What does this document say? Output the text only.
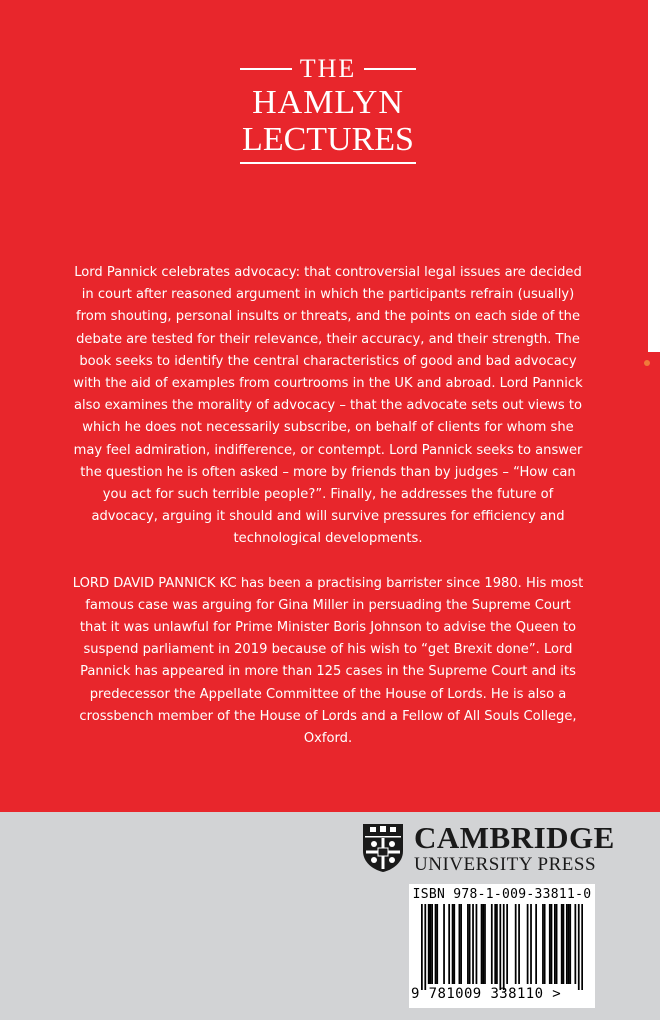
THE
HAMLYN
LECTURES

Lord Pannick celebrates advocacy: that controversial legal issues are decided in court after reasoned argument in which the participants refrain (usually) from shouting, personal insults or threats, and the points on each side of the debate are tested for their relevance, their accuracy, and their strength. The book seeks to identify the central characteristics of good and bad advocacy with the aid of examples from courtrooms in the UK and abroad. Lord Pannick also examines the morality of advocacy – that the advocate sets out views to which he does not necessarily subscribe, on behalf of clients for whom she may feel admiration, indifference, or contempt. Lord Pannick seeks to answer the question he is often asked – more by friends than by judges – “How can you act for such terrible people?”. Finally, he addresses the future of advocacy, arguing it should and will survive pressures for efficiency and technological developments.

LORD DAVID PANNICK KC has been a practising barrister since 1980. His most famous case was arguing for Gina Miller in persuading the Supreme Court that it was unlawful for Prime Minister Boris Johnson to advise the Queen to suspend parliament in 2019 because of his wish to “get Brexit done”. Lord Pannick has appeared in more than 125 cases in the Supreme Court and its predecessor the Appellate Committee of the House of Lords. He is also a crossbench member of the House of Lords and a Fellow of All Souls College, Oxford.

CAMBRIDGE
UNIVERSITY PRESS
ISBN 978-1-009-33811-0
9 781009 338110 >
